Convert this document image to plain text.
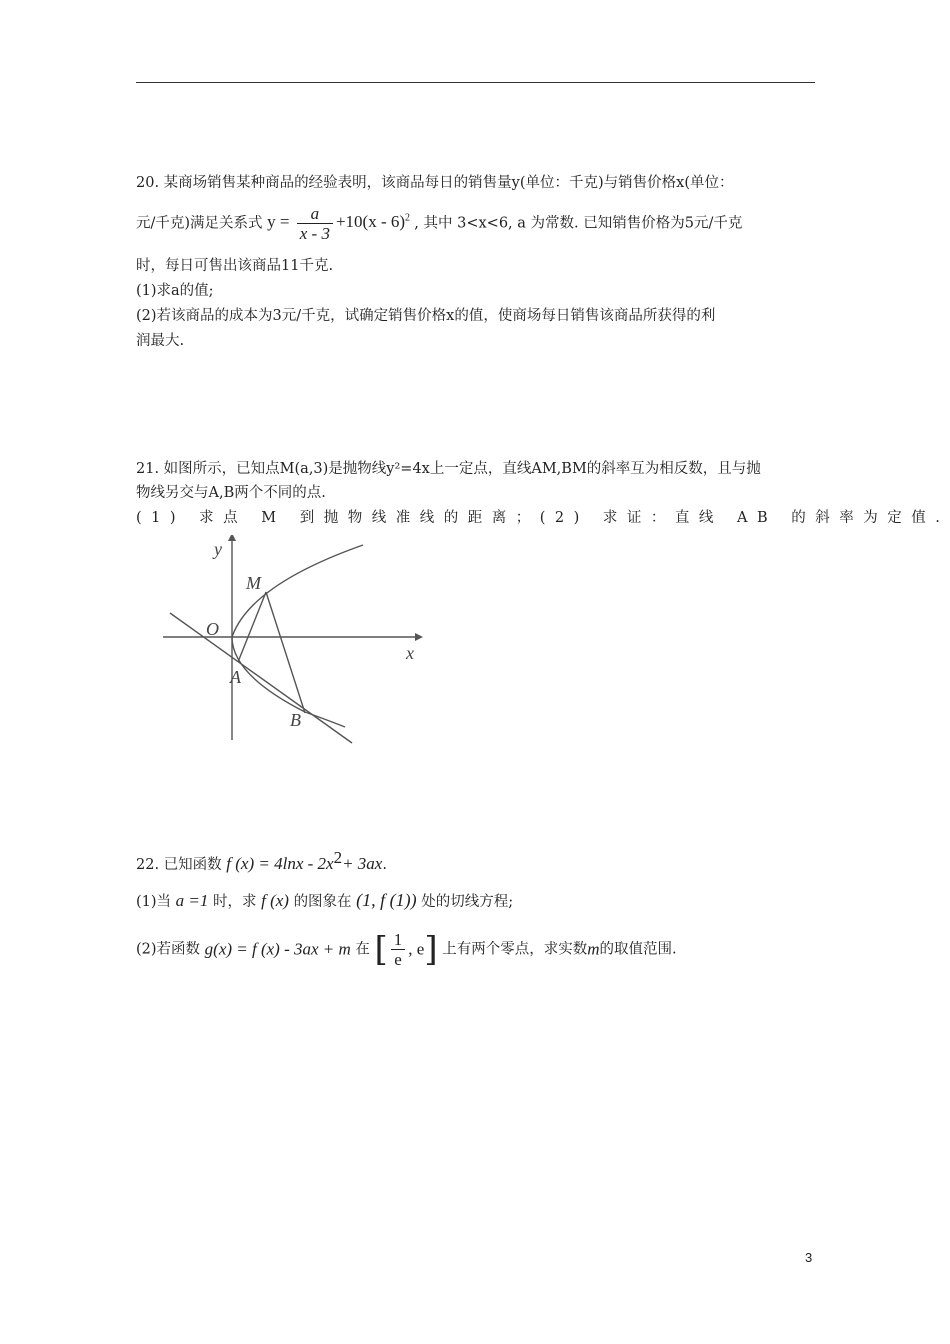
20. 某商场销售某种商品的经验表明，该商品每日的销售量y(单位：千克)与销售价格x(单位：
元/千克)满足关系式 $y = \frac{a}{x - 3} +10(x - 6)^2$ , 其中 3<x<6, a 为常数. 已知销售价格为5元/千克
时，每日可售出该商品11千克.
(1)求a的值;
(2)若该商品的成本为3元/千克，试确定销售价格x的值，使商场每日销售该商品所获得的利
润最大.
21. 如图所示，已知点M(a,3)是抛物线y²=4x上一定点，直线AM,BM的斜率互为相反数，且与抛
物线另交与A,B两个不同的点.
(1) 求点 M 到抛物线准线的距离；(2) 求证：直线 AB 的斜率为定值.
y
x
O
M
A
B
22. 已知函数 f $(x) = 4\ln x - 2x^2+ 3ax$.
(1)当 a =1 时，求 f (x) 的图象在 (1, f (1)) 处的切线方程;
(2)若函数 g(x) = f (x) - 3ax + m 在 [ $\frac{1}{e}$ , e] 上有两个零点，求实数m的取值范围.
3
